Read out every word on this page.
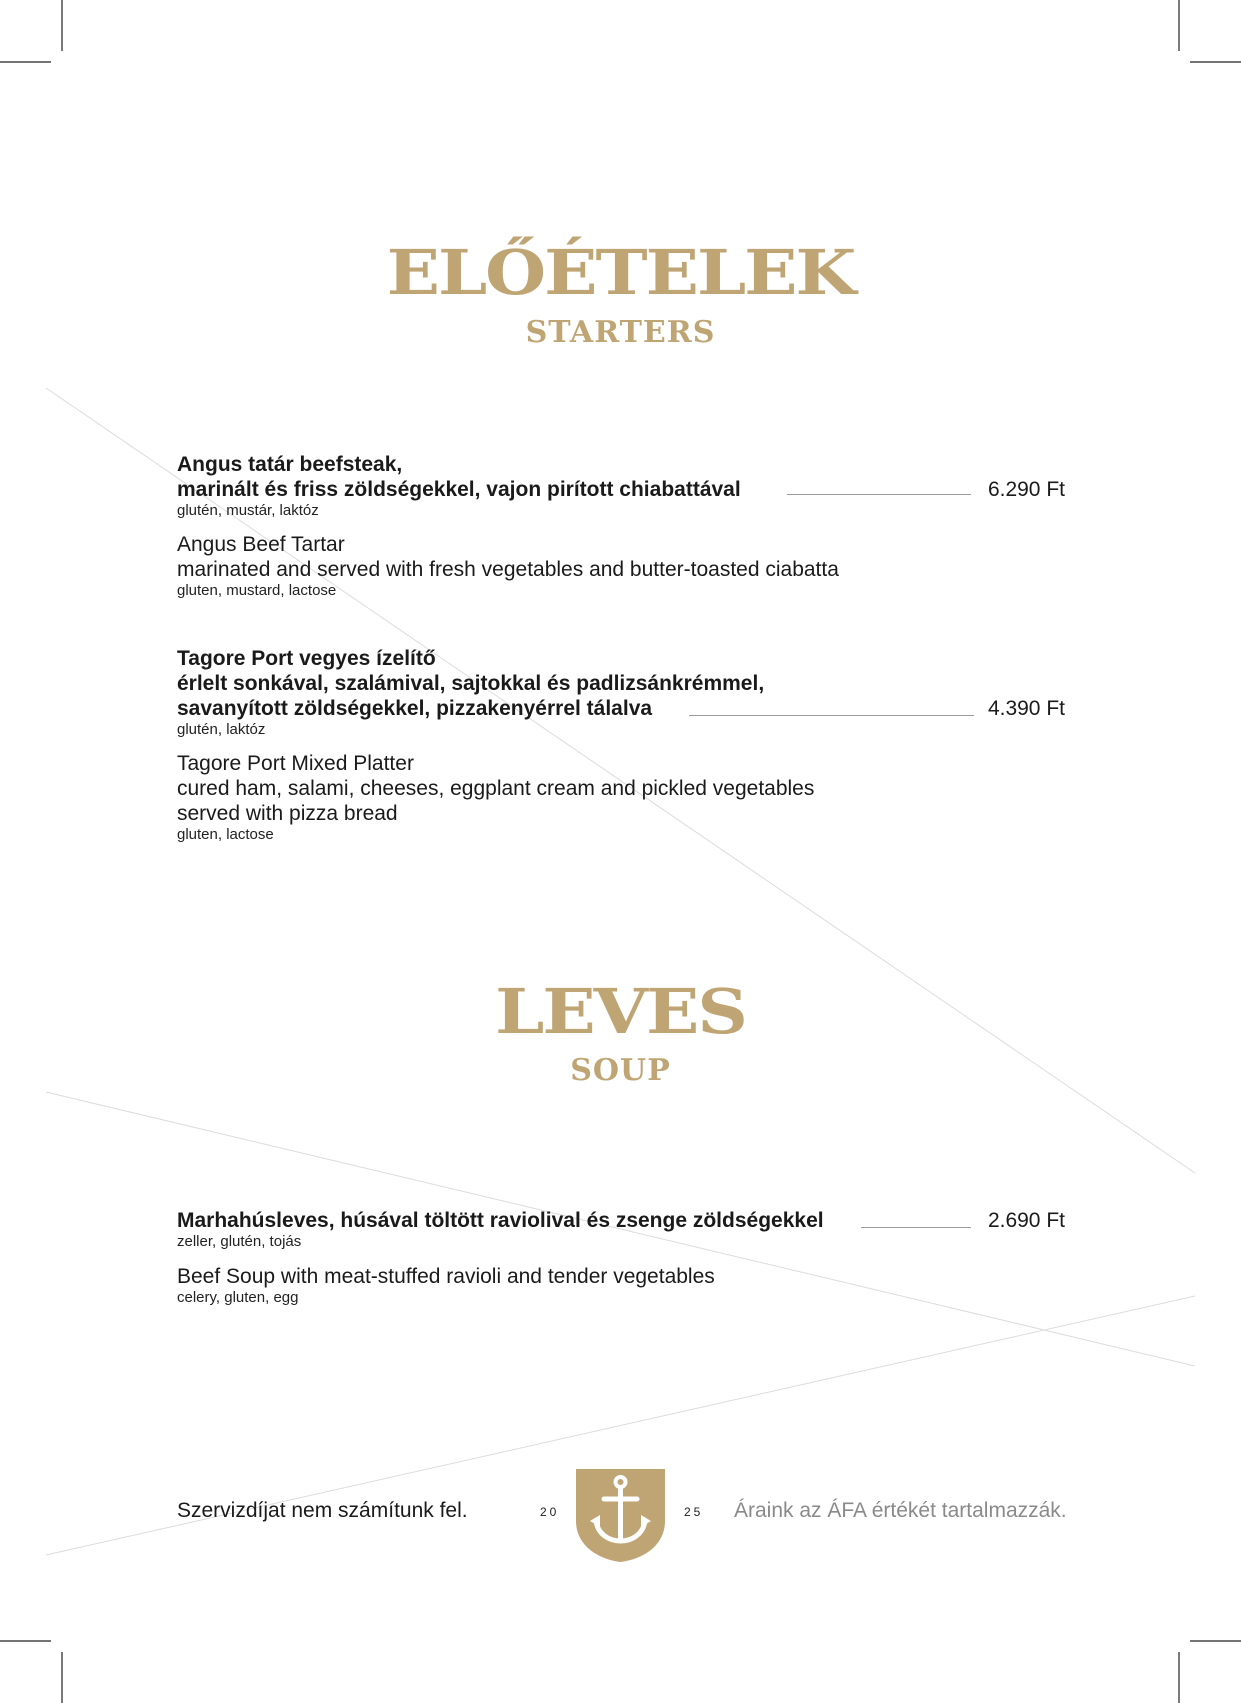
ELŐÉTELEK
STARTERS
Angus tatár beefsteak,
marinált és friss zöldségekkel, vajon pirított chiabattával
glutén, mustár, laktóz
Angus Beef Tartar
marinated and served with fresh vegetables and butter-toasted ciabatta
gluten, mustard, lactose
6.290 Ft
Tagore Port vegyes ízelítő
érlelt sonkával, szalámival, sajtokkal és padlizsánkrémmel,
savanyított zöldségekkel, pizzakenyérrel tálalva
glutén, laktóz
Tagore Port Mixed Platter
cured ham, salami, cheeses, eggplant cream and pickled vegetables
served with pizza bread
gluten, lactose
4.390 Ft
LEVES
SOUP
Marhahúsleves, húsával töltött raviolival és zsenge zöldségekkel
zeller, glutén, tojás
Beef Soup with meat-stuffed ravioli and tender vegetables
celery, gluten, egg
2.690 Ft
Szervizdíjat nem számítunk fel.	20	25 Áraink az ÁFA értékét tartalmazzák.
